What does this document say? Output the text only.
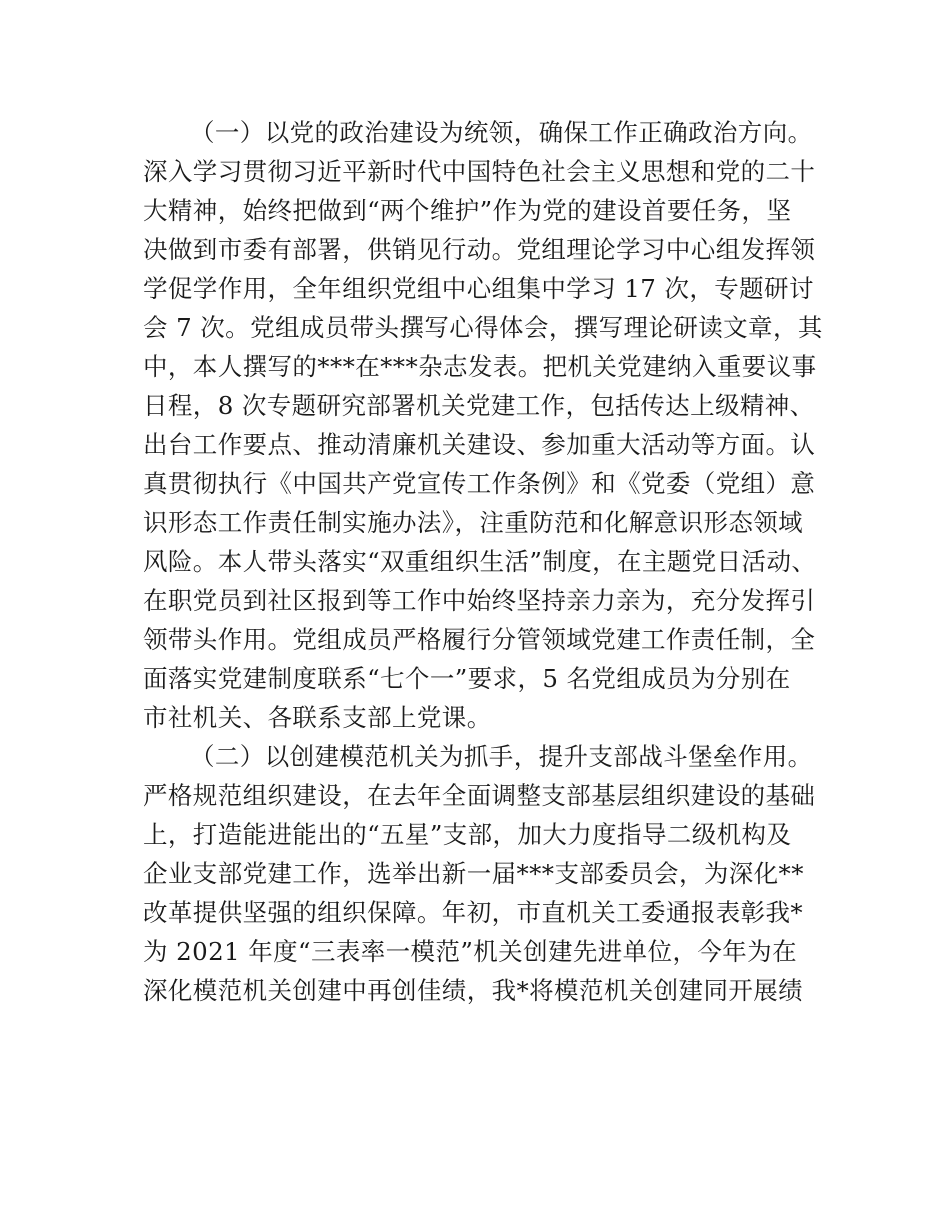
（一）以党的政治建设为统领，确保工作正确政治方向。

深入学习贯彻习近平新时代中国特色社会主义思想和党的二十

大精神，始终把做到“两个维护”作为党的建设首要任务，坚

决做到市委有部署，供销见行动。党组理论学习中心组发挥领

学促学作用，全年组织党组中心组集中学习 17 次，专题研讨

会 7 次。党组成员带头撰写心得体会，撰写理论研读文章，其

中，本人撰写的***在***杂志发表。把机关党建纳入重要议事

日程，8 次专题研究部署机关党建工作，包括传达上级精神、

出台工作要点、推动清廉机关建设、参加重大活动等方面。认

真贯彻执行《中国共产党宣传工作条例》和《党委（党组）意

识形态工作责任制实施办法》，注重防范和化解意识形态领域

风险。本人带头落实“双重组织生活”制度，在主题党日活动、

在职党员到社区报到等工作中始终坚持亲力亲为，充分发挥引

领带头作用。党组成员严格履行分管领域党建工作责任制，全

面落实党建制度联系“七个一”要求，5 名党组成员为分别在

市社机关、各联系支部上党课。

（二）以创建模范机关为抓手，提升支部战斗堡垒作用。

严格规范组织建设，在去年全面调整支部基层组织建设的基础

上，打造能进能出的“五星”支部，加大力度指导二级机构及

企业支部党建工作，选举出新一届***支部委员会，为深化**

改革提供坚强的组织保障。年初，市直机关工委通报表彰我*

为 2021 年度“三表率一模范”机关创建先进单位，今年为在

深化模范机关创建中再创佳绩，我*将模范机关创建同开展绩
